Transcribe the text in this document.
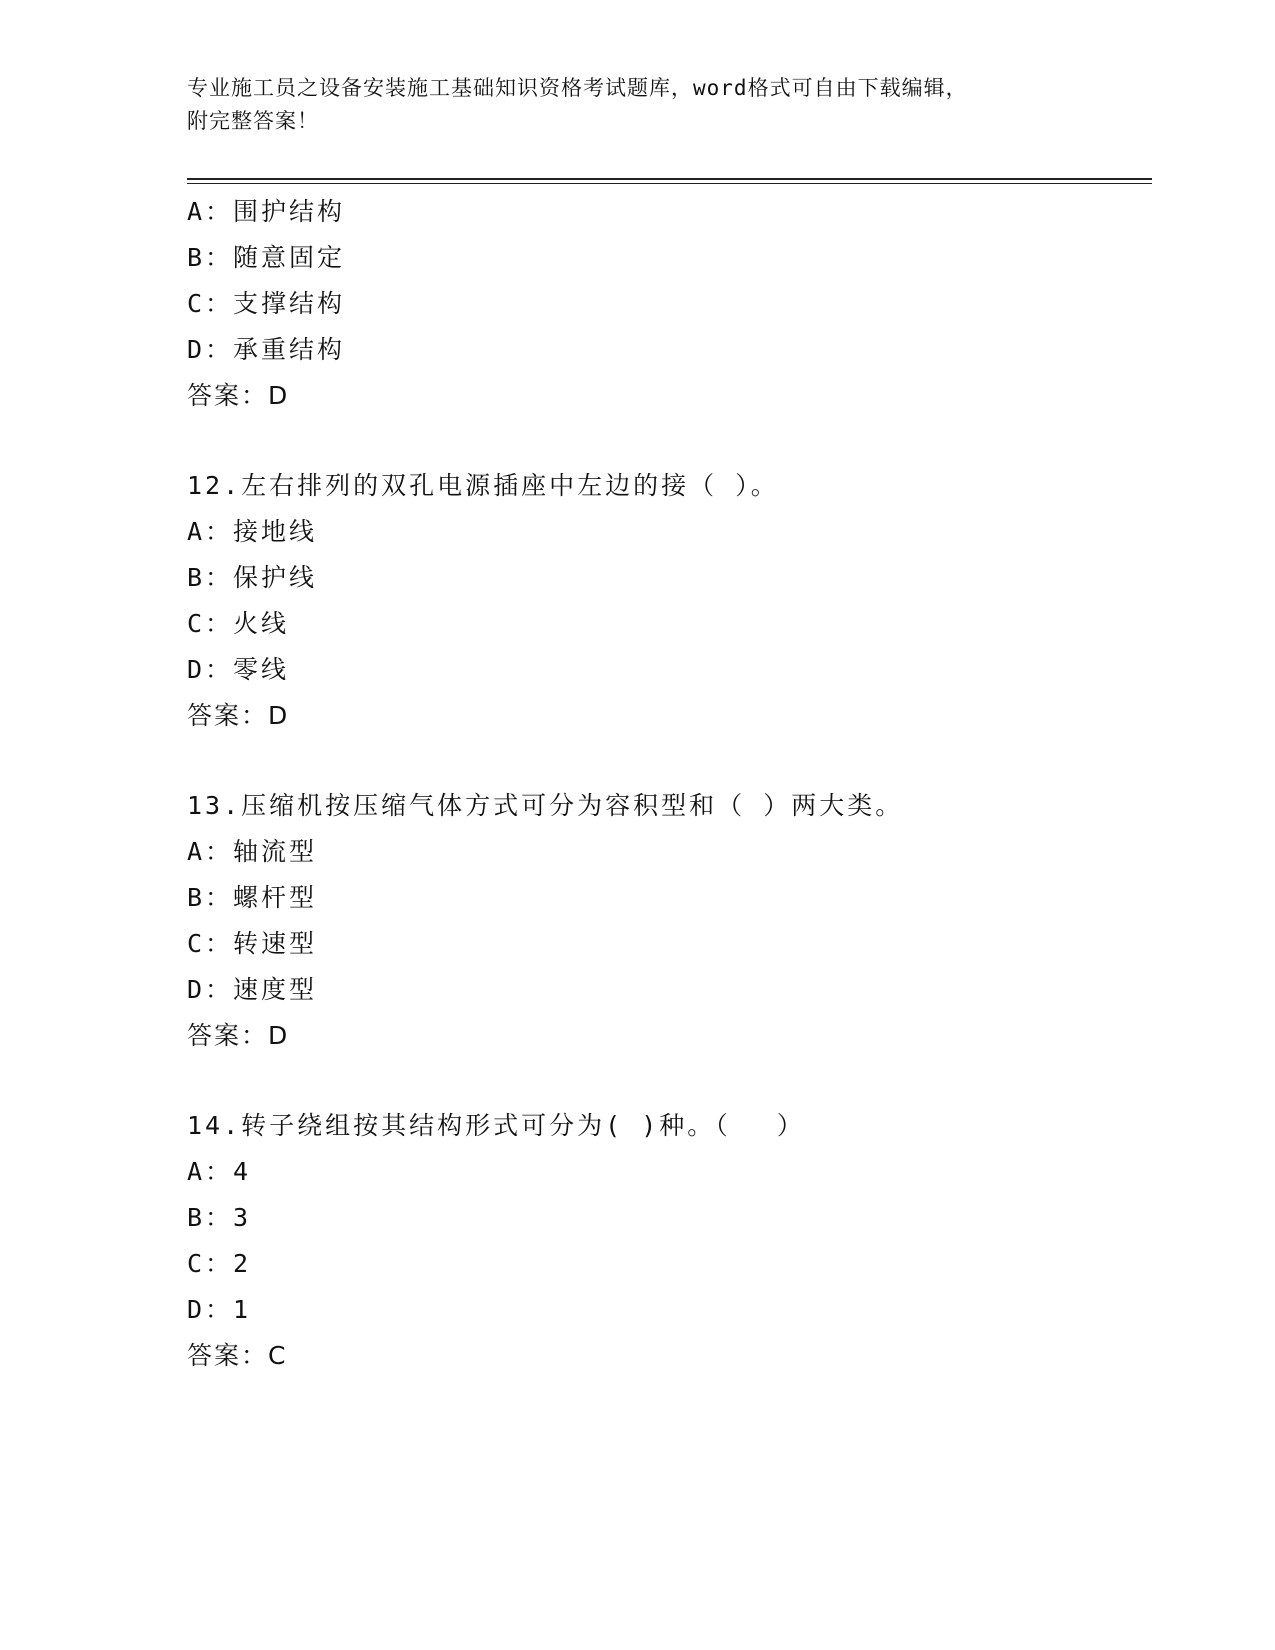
专业施工员之设备安装施工基础知识资格考试题库，word格式可自由下载编辑，
附完整答案！
A：围护结构
B：随意固定
C：支撑结构
D：承重结构
答案：D
12.左右排列的双孔电源插座中左边的接（ ）。
A：接地线
B：保护线
C：火线
D：零线
答案：D
13.压缩机按压缩气体方式可分为容积型和（ ）两大类。
A：轴流型
B：螺杆型
C：转速型
D：速度型
答案：D
14.转子绕组按其结构形式可分为( )种。（　 ）
A：4
B：3
C：2
D：1
答案：C
